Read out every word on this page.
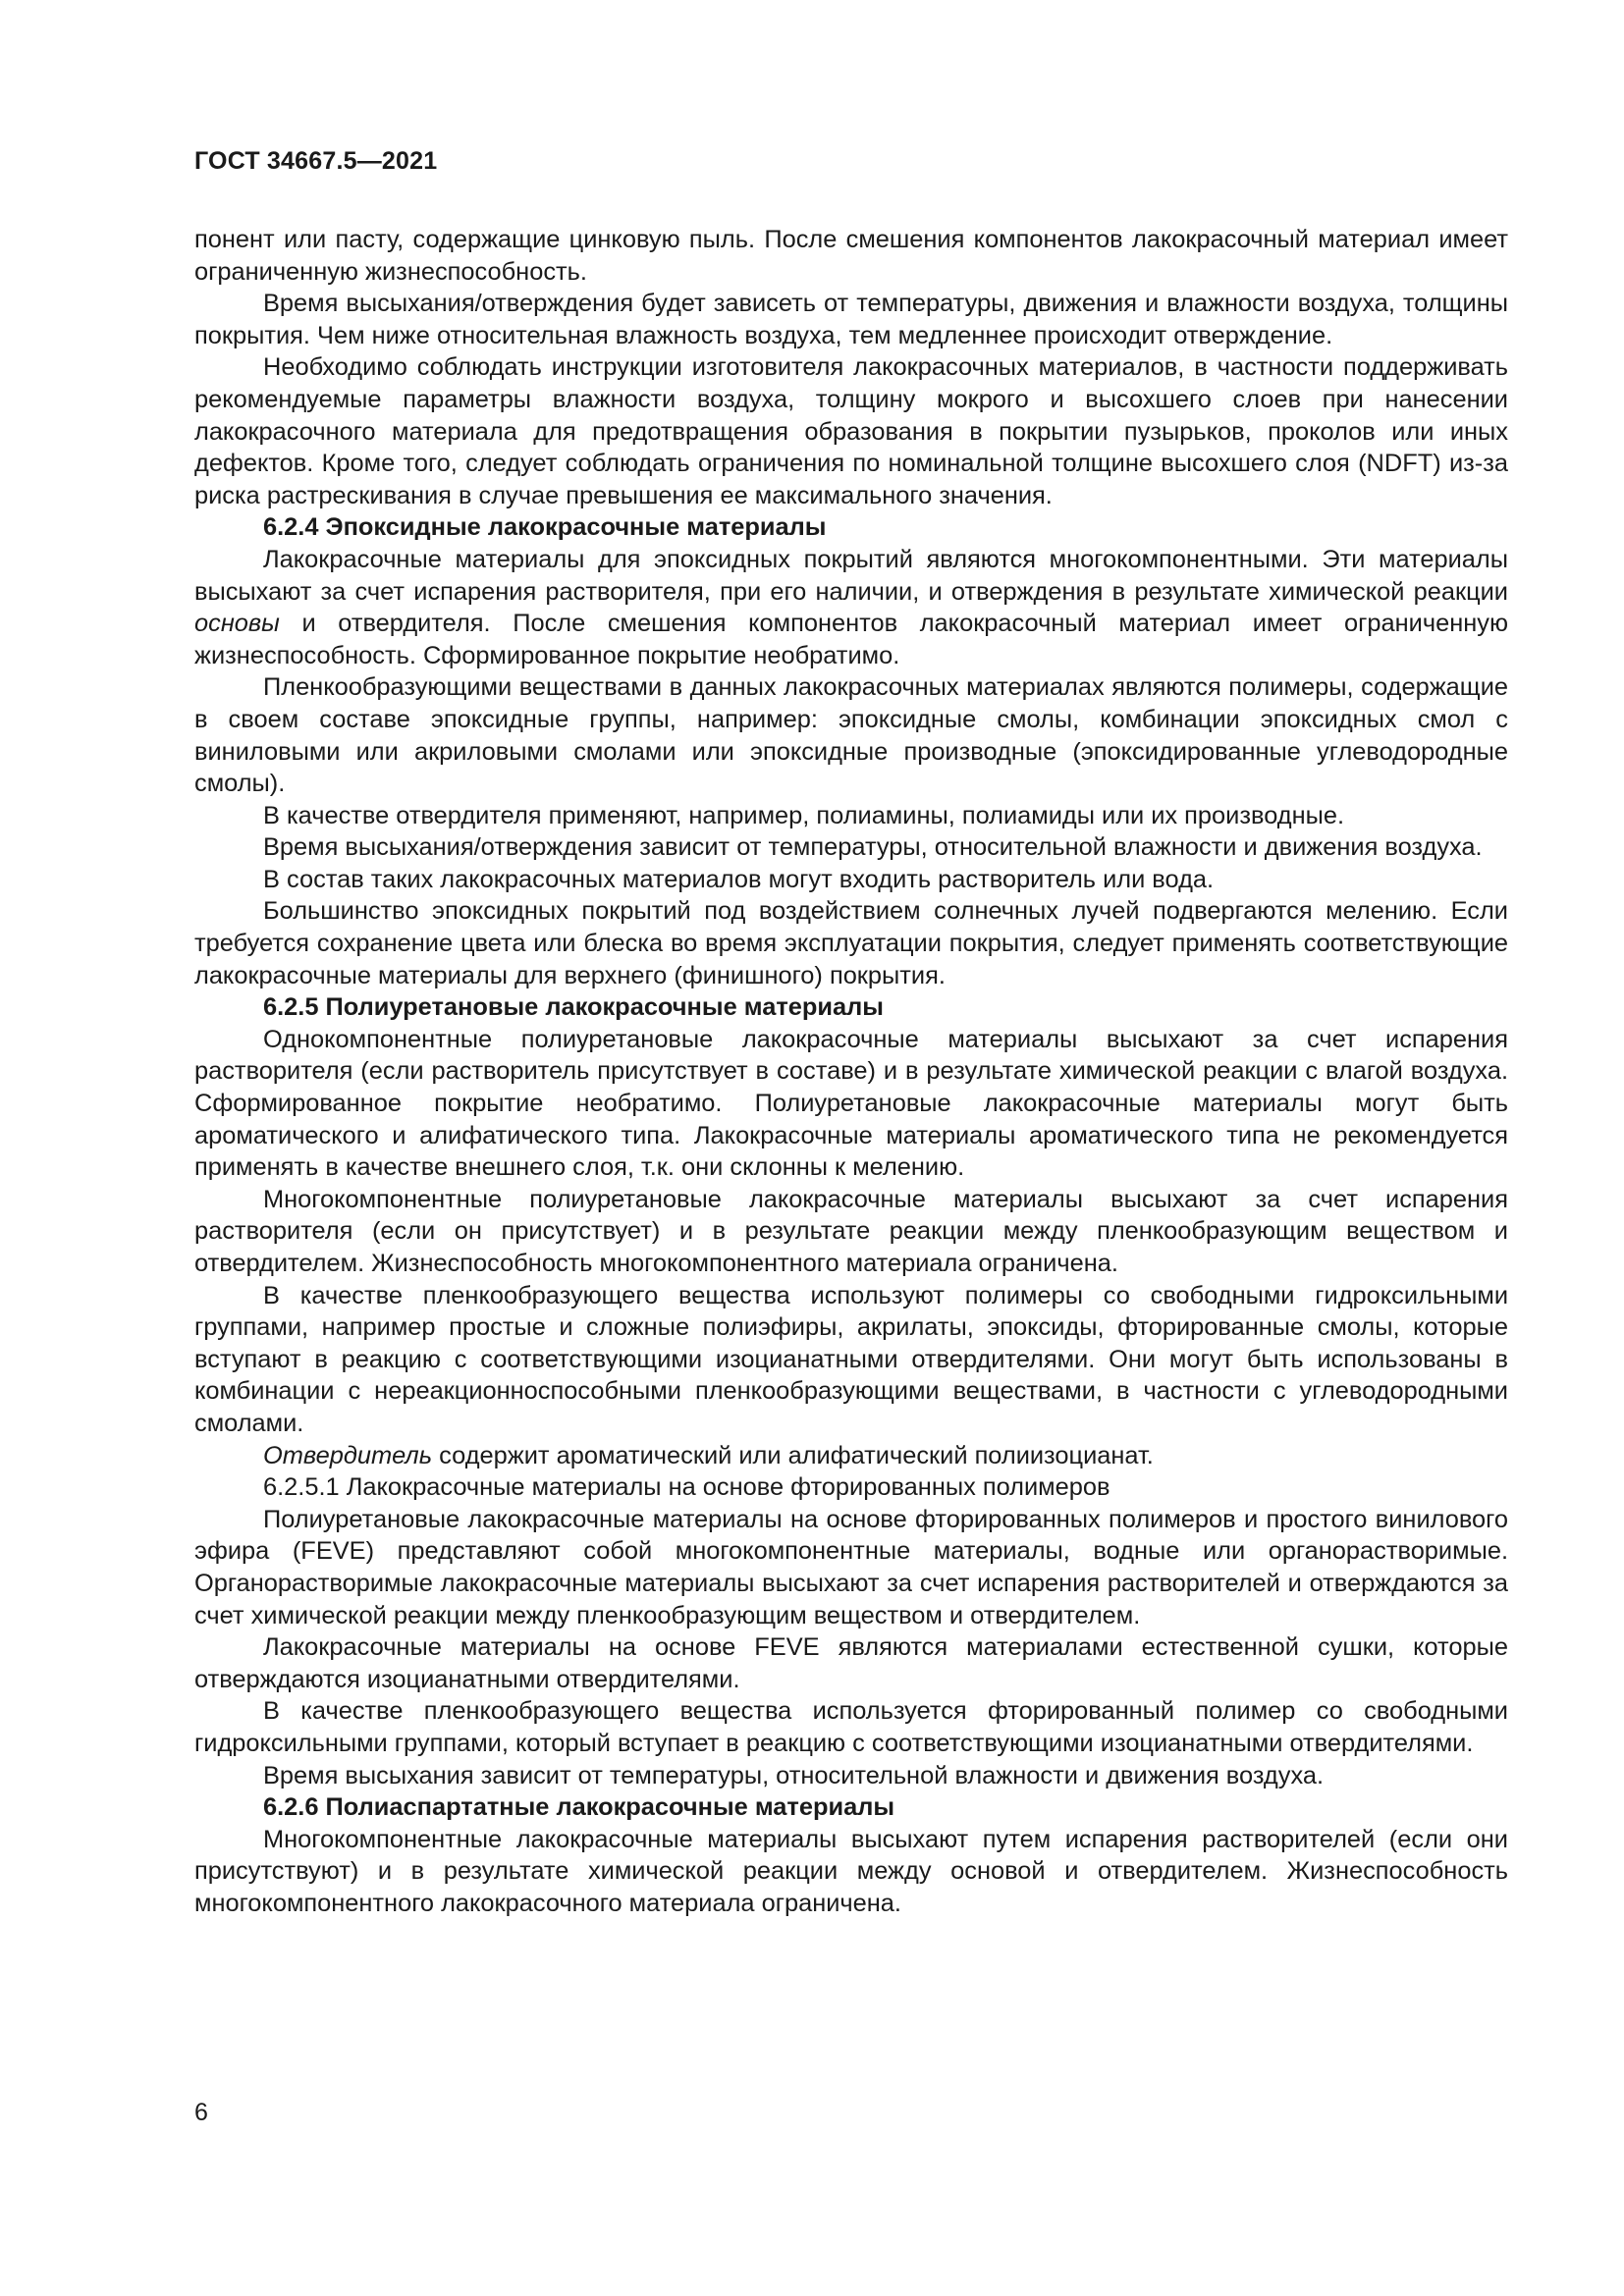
ГОСТ 34667.5—2021

понент или пасту, содержащие цинковую пыль. После смешения компонентов лакокрасочный материал имеет ограниченную жизнеспособность.

Время высыхания/отверждения будет зависеть от температуры, движения и влажности воздуха, толщины покрытия. Чем ниже относительная влажность воздуха, тем медленнее происходит отверждение.

Необходимо соблюдать инструкции изготовителя лакокрасочных материалов, в частности поддерживать рекомендуемые параметры влажности воздуха, толщину мокрого и высохшего слоев при нанесении лакокрасочного материала для предотвращения образования в покрытии пузырьков, проколов или иных дефектов. Кроме того, следует соблюдать ограничения по номинальной толщине высохшего слоя (NDFT) из-за риска растрескивания в случае превышения ее максимального значения.

6.2.4 Эпоксидные лакокрасочные материалы

Лакокрасочные материалы для эпоксидных покрытий являются многокомпонентными. Эти материалы высыхают за счет испарения растворителя, при его наличии, и отверждения в результате химической реакции основы и отвердителя. После смешения компонентов лакокрасочный материал имеет ограниченную жизнеспособность. Сформированное покрытие необратимо.

Пленкообразующими веществами в данных лакокрасочных материалах являются полимеры, содержащие в своем составе эпоксидные группы, например: эпоксидные смолы, комбинации эпоксидных смол с виниловыми или акриловыми смолами или эпоксидные производные (эпоксидированные углеводородные смолы).

В качестве отвердителя применяют, например, полиамины, полиамиды или их производные.

Время высыхания/отверждения зависит от температуры, относительной влажности и движения воздуха.

В состав таких лакокрасочных материалов могут входить растворитель или вода.

Большинство эпоксидных покрытий под воздействием солнечных лучей подвергаются мелению. Если требуется сохранение цвета или блеска во время эксплуатации покрытия, следует применять соответствующие лакокрасочные материалы для верхнего (финишного) покрытия.

6.2.5 Полиуретановые лакокрасочные материалы

Однокомпонентные полиуретановые лакокрасочные материалы высыхают за счет испарения растворителя (если растворитель присутствует в составе) и в результате химической реакции с влагой воздуха. Сформированное покрытие необратимо. Полиуретановые лакокрасочные материалы могут быть ароматического и алифатического типа. Лакокрасочные материалы ароматического типа не рекомендуется применять в качестве внешнего слоя, т.к. они склонны к мелению.

Многокомпонентные полиуретановые лакокрасочные материалы высыхают за счет испарения растворителя (если он присутствует) и в результате реакции между пленкообразующим веществом и отвердителем. Жизнеспособность многокомпонентного материала ограничена.

В качестве пленкообразующего вещества используют полимеры со свободными гидроксильными группами, например простые и сложные полиэфиры, акрилаты, эпоксиды, фторированные смолы, которые вступают в реакцию с соответствующими изоцианатными отвердителями. Они могут быть использованы в комбинации с нереакционноспособными пленкообразующими веществами, в частности с углеводородными смолами.

Отвердитель содержит ароматический или алифатический полиизоцианат.

6.2.5.1 Лакокрасочные материалы на основе фторированных полимеров

Полиуретановые лакокрасочные материалы на основе фторированных полимеров и простого винилового эфира (FEVE) представляют собой многокомпонентные материалы, водные или органорастворимые. Органорастворимые лакокрасочные материалы высыхают за счет испарения растворителей и отверждаются за счет химической реакции между пленкообразующим веществом и отвердителем.

Лакокрасочные материалы на основе FEVE являются материалами естественной сушки, которые отверждаются изоцианатными отвердителями.

В качестве пленкообразующего вещества используется фторированный полимер со свободными гидроксильными группами, который вступает в реакцию с соответствующими изоцианатными отвердителями.

Время высыхания зависит от температуры, относительной влажности и движения воздуха.

6.2.6 Полиаспартатные лакокрасочные материалы

Многокомпонентные лакокрасочные материалы высыхают путем испарения растворителей (если они присутствуют) и в результате химической реакции между основой и отвердителем. Жизнеспособность многокомпонентного лакокрасочного материала ограничена.

6
